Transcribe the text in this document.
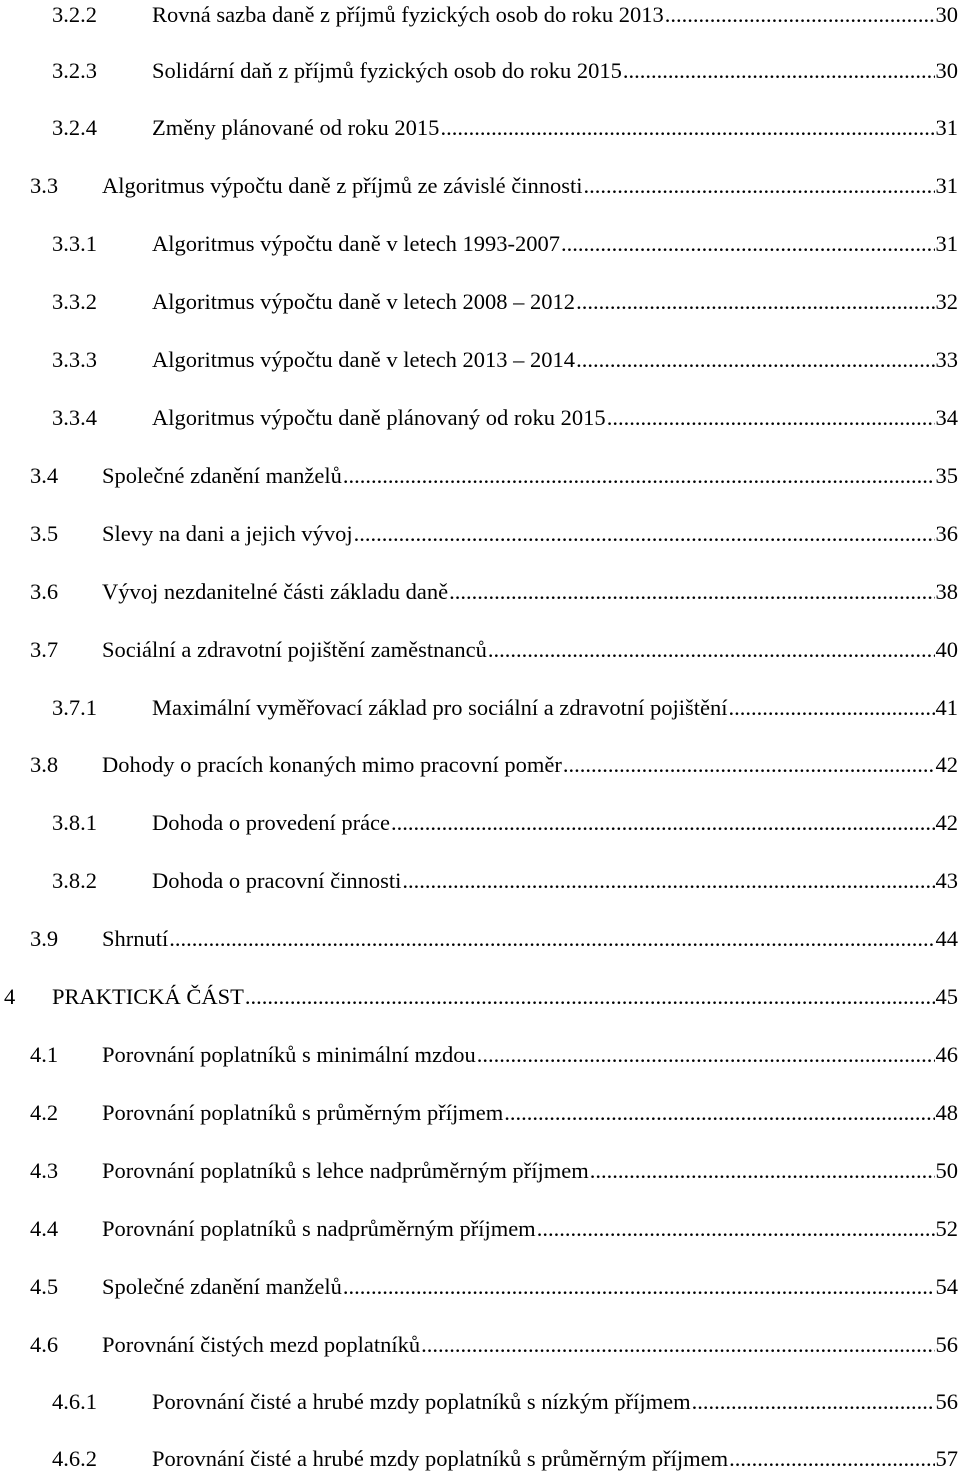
3.2.2 Rovná sazba daně z příjmů fyzických osob do roku 2013 .....	30
3.2.3 Solidární daň z příjmů fyzických osob do roku 2015 .....	30
3.2.4 Změny plánované od roku 2015 .....	31
3.3 Algoritmus výpočtu daně z příjmů ze závislé činnosti .....	31
3.3.1 Algoritmus výpočtu daně v letech 1993-2007 .....	31
3.3.2 Algoritmus výpočtu daně v letech 2008 – 2012 .....	32
3.3.3 Algoritmus výpočtu daně v letech 2013 – 2014 .....	33
3.3.4 Algoritmus výpočtu daně plánovaný od roku 2015 .....	34
3.4 Společné zdanění manželů .....	35
3.5 Slevy na dani a jejich vývoj .....	36
3.6 Vývoj nezdanitelné části základu daně .....	38
3.7 Sociální a zdravotní pojištění zaměstnanců .....	40
3.7.1 Maximální vyměřovací základ pro sociální a zdravotní pojištění .....	41
3.8 Dohody o pracích konaných mimo pracovní poměr .....	42
3.8.1 Dohoda o provedení práce .....	42
3.8.2 Dohoda o pracovní činnosti .....	43
3.9 Shrnutí .....	44
4 PRAKTICKÁ ČÁST .....	45
4.1 Porovnání poplatníků s minimální mzdou .....	46
4.2 Porovnání poplatníků s průměrným příjmem .....	48
4.3 Porovnání poplatníků s lehce nadprůměrným příjmem .....	50
4.4 Porovnání poplatníků s nadprůměrným příjmem .....	52
4.5 Společné zdanění manželů .....	54
4.6 Porovnání čistých mezd poplatníků .....	56
4.6.1 Porovnání čisté a hrubé mzdy poplatníků s nízkým příjmem .....	56
4.6.2 Porovnání čisté a hrubé mzdy poplatníků s průměrným příjmem .....	57
